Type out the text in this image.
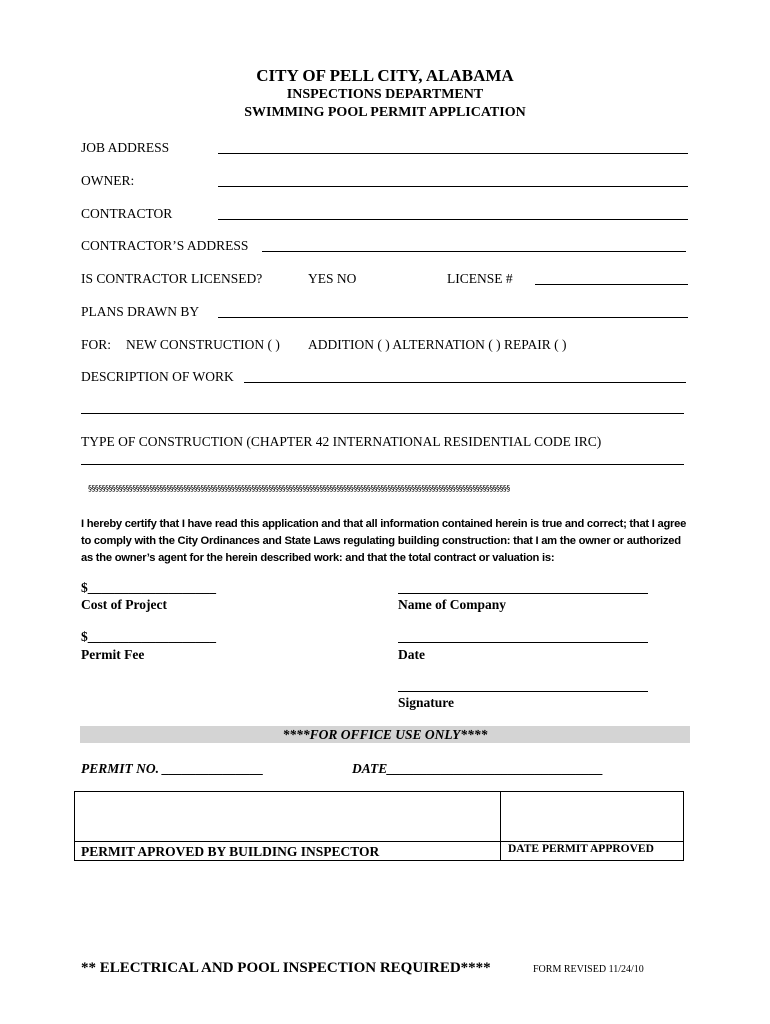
CITY OF PELL CITY, ALABAMA
INSPECTIONS DEPARTMENT
SWIMMING POOL PERMIT APPLICATION
JOB ADDRESS
OWNER:
CONTRACTOR
CONTRACTOR’S ADDRESS
IS CONTRACTOR LICENSED?	YES NO	LICENSE #
PLANS DRAWN BY
FOR: NEW CONSTRUCTION ( ) ADDITION ( ) ALTERNATION ( ) REPAIR ( )
DESCRIPTION OF WORK
TYPE OF CONSTRUCTION (CHAPTER 42 INTERNATIONAL RESIDENTIAL CODE IRC)
§§§§§§§§§§§§§§§§§§§§§§§§§§§§§§§§§§§§§§§§§§§§§§§§§§§§§§§§§§§§§§§§§§§§§§§§§§§§§§§§§§§§§§§§§§§§§§§§§§§§§§§§§§§§§§§§§§§§§§§§§§§§
I hereby certify that I have read this application and that all information contained herein is true and correct; that I agree to comply with the City Ordinances and State Laws regulating building construction: that I am the owner or authorized as the owner’s agent for the herein described work: and that the total contract or valuation is:
$___________________
Cost of Project	Name of Company
$___________________
Permit Fee	Date
Signature
****FOR OFFICE USE ONLY****
PERMIT NO. _______________	DATE________________________________
PERMIT APROVED BY BUILDING INSPECTOR	DATE PERMIT APPROVED
** ELECTRICAL AND POOL INSPECTION REQUIRED****	FORM REVISED 11/24/10
